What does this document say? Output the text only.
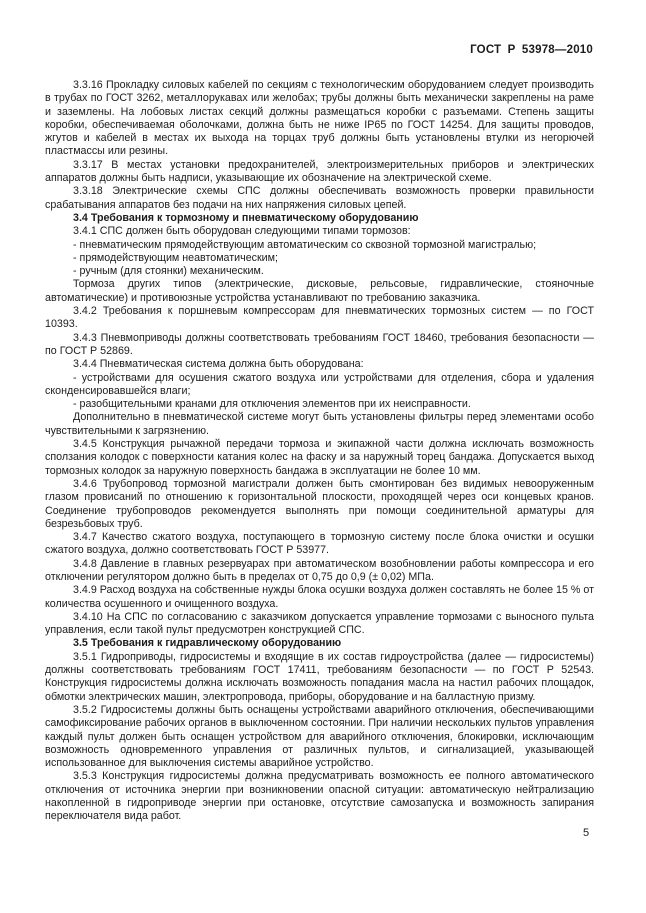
ГОСТ Р 53978—2010

3.3.16 Прокладку силовых кабелей по секциям с технологическим оборудованием следует производить в трубах по ГОСТ 3262, металлорукавах или желобах; трубы должны быть механически закреплены на раме и заземлены. На лобовых листах секций должны размещаться коробки с разъемами. Степень защиты коробки, обеспечиваемая оболочками, должна быть не ниже IP65 по ГОСТ 14254. Для защиты проводов, жгутов и кабелей в местах их выхода на торцах труб должны быть установлены втулки из негорючей пластмассы или резины.

3.3.17 В местах установки предохранителей, электроизмерительных приборов и электрических аппаратов должны быть надписи, указывающие их обозначение на электрической схеме.

3.3.18 Электрические схемы СПС должны обеспечивать возможность проверки правильности срабатывания аппаратов без подачи на них напряжения силовых цепей.

3.4 Требования к тормозному и пневматическому оборудованию

3.4.1 СПС должен быть оборудован следующими типами тормозов:

- пневматическим прямодействующим автоматическим со сквозной тормозной магистралью;

- прямодействующим неавтоматическим;

- ручным (для стоянки) механическим.

Тормоза других типов (электрические, дисковые, рельсовые, гидравлические, стояночные автоматические) и противоюзные устройства устанавливают по требованию заказчика.

3.4.2 Требования к поршневым компрессорам для пневматических тормозных систем — по ГОСТ 10393.

3.4.3 Пневмоприводы должны соответствовать требованиям ГОСТ 18460, требования безопасности — по ГОСТ Р 52869.

3.4.4 Пневматическая система должна быть оборудована:

- устройствами для осушения сжатого воздуха или устройствами для отделения, сбора и удаления сконденсировавшейся влаги;

- разобщительными кранами для отключения элементов при их неисправности.

Дополнительно в пневматической системе могут быть установлены фильтры перед элементами особо чувствительными к загрязнению.

3.4.5 Конструкция рычажной передачи тормоза и экипажной части должна исключать возможность сползания колодок с поверхности катания колес на фаску и за наружный торец бандажа. Допускается выход тормозных колодок за наружную поверхность бандажа в эксплуатации не более 10 мм.

3.4.6 Трубопровод тормозной магистрали должен быть смонтирован без видимых невооруженным глазом провисаний по отношению к горизонтальной плоскости, проходящей через оси концевых кранов. Соединение трубопроводов рекомендуется выполнять при помощи соединительной арматуры для безрезьбовых труб.

3.4.7 Качество сжатого воздуха, поступающего в тормозную систему после блока очистки и осушки сжатого воздуха, должно соответствовать ГОСТ Р 53977.

3.4.8 Давление в главных резервуарах при автоматическом возобновлении работы компрессора и его отключении регулятором должно быть в пределах от 0,75 до 0,9 (± 0,02) МПа.

3.4.9 Расход воздуха на собственные нужды блока осушки воздуха должен составлять не более 15 % от количества осушенного и очищенного воздуха.

3.4.10 На СПС по согласованию с заказчиком допускается управление тормозами с выносного пульта управления, если такой пульт предусмотрен конструкцией СПС.

3.5 Требования к гидравлическому оборудованию

3.5.1 Гидроприводы, гидросистемы и входящие в их состав гидроустройства (далее — гидросистемы) должны соответствовать требованиям ГОСТ 17411, требованиям безопасности — по ГОСТ Р 52543. Конструкция гидросистемы должна исключать возможность попадания масла на настил рабочих площадок, обмотки электрических машин, электропровода, приборы, оборудование и на балластную призму.

3.5.2 Гидросистемы должны быть оснащены устройствами аварийного отключения, обеспечивающими самофиксирование рабочих органов в выключенном состоянии. При наличии нескольких пультов управления каждый пульт должен быть оснащен устройством для аварийного отключения, блокировки, исключающим возможность одновременного управления от различных пультов, и сигнализацией, указывающей использованное для выключения системы аварийное устройство.

3.5.3 Конструкция гидросистемы должна предусматривать возможность ее полного автоматического отключения от источника энергии при возникновении опасной ситуации: автоматическую нейтрализацию накопленной в гидроприводе энергии при остановке, отсутствие самозапуска и возможность запирания переключателя вида работ.

5
